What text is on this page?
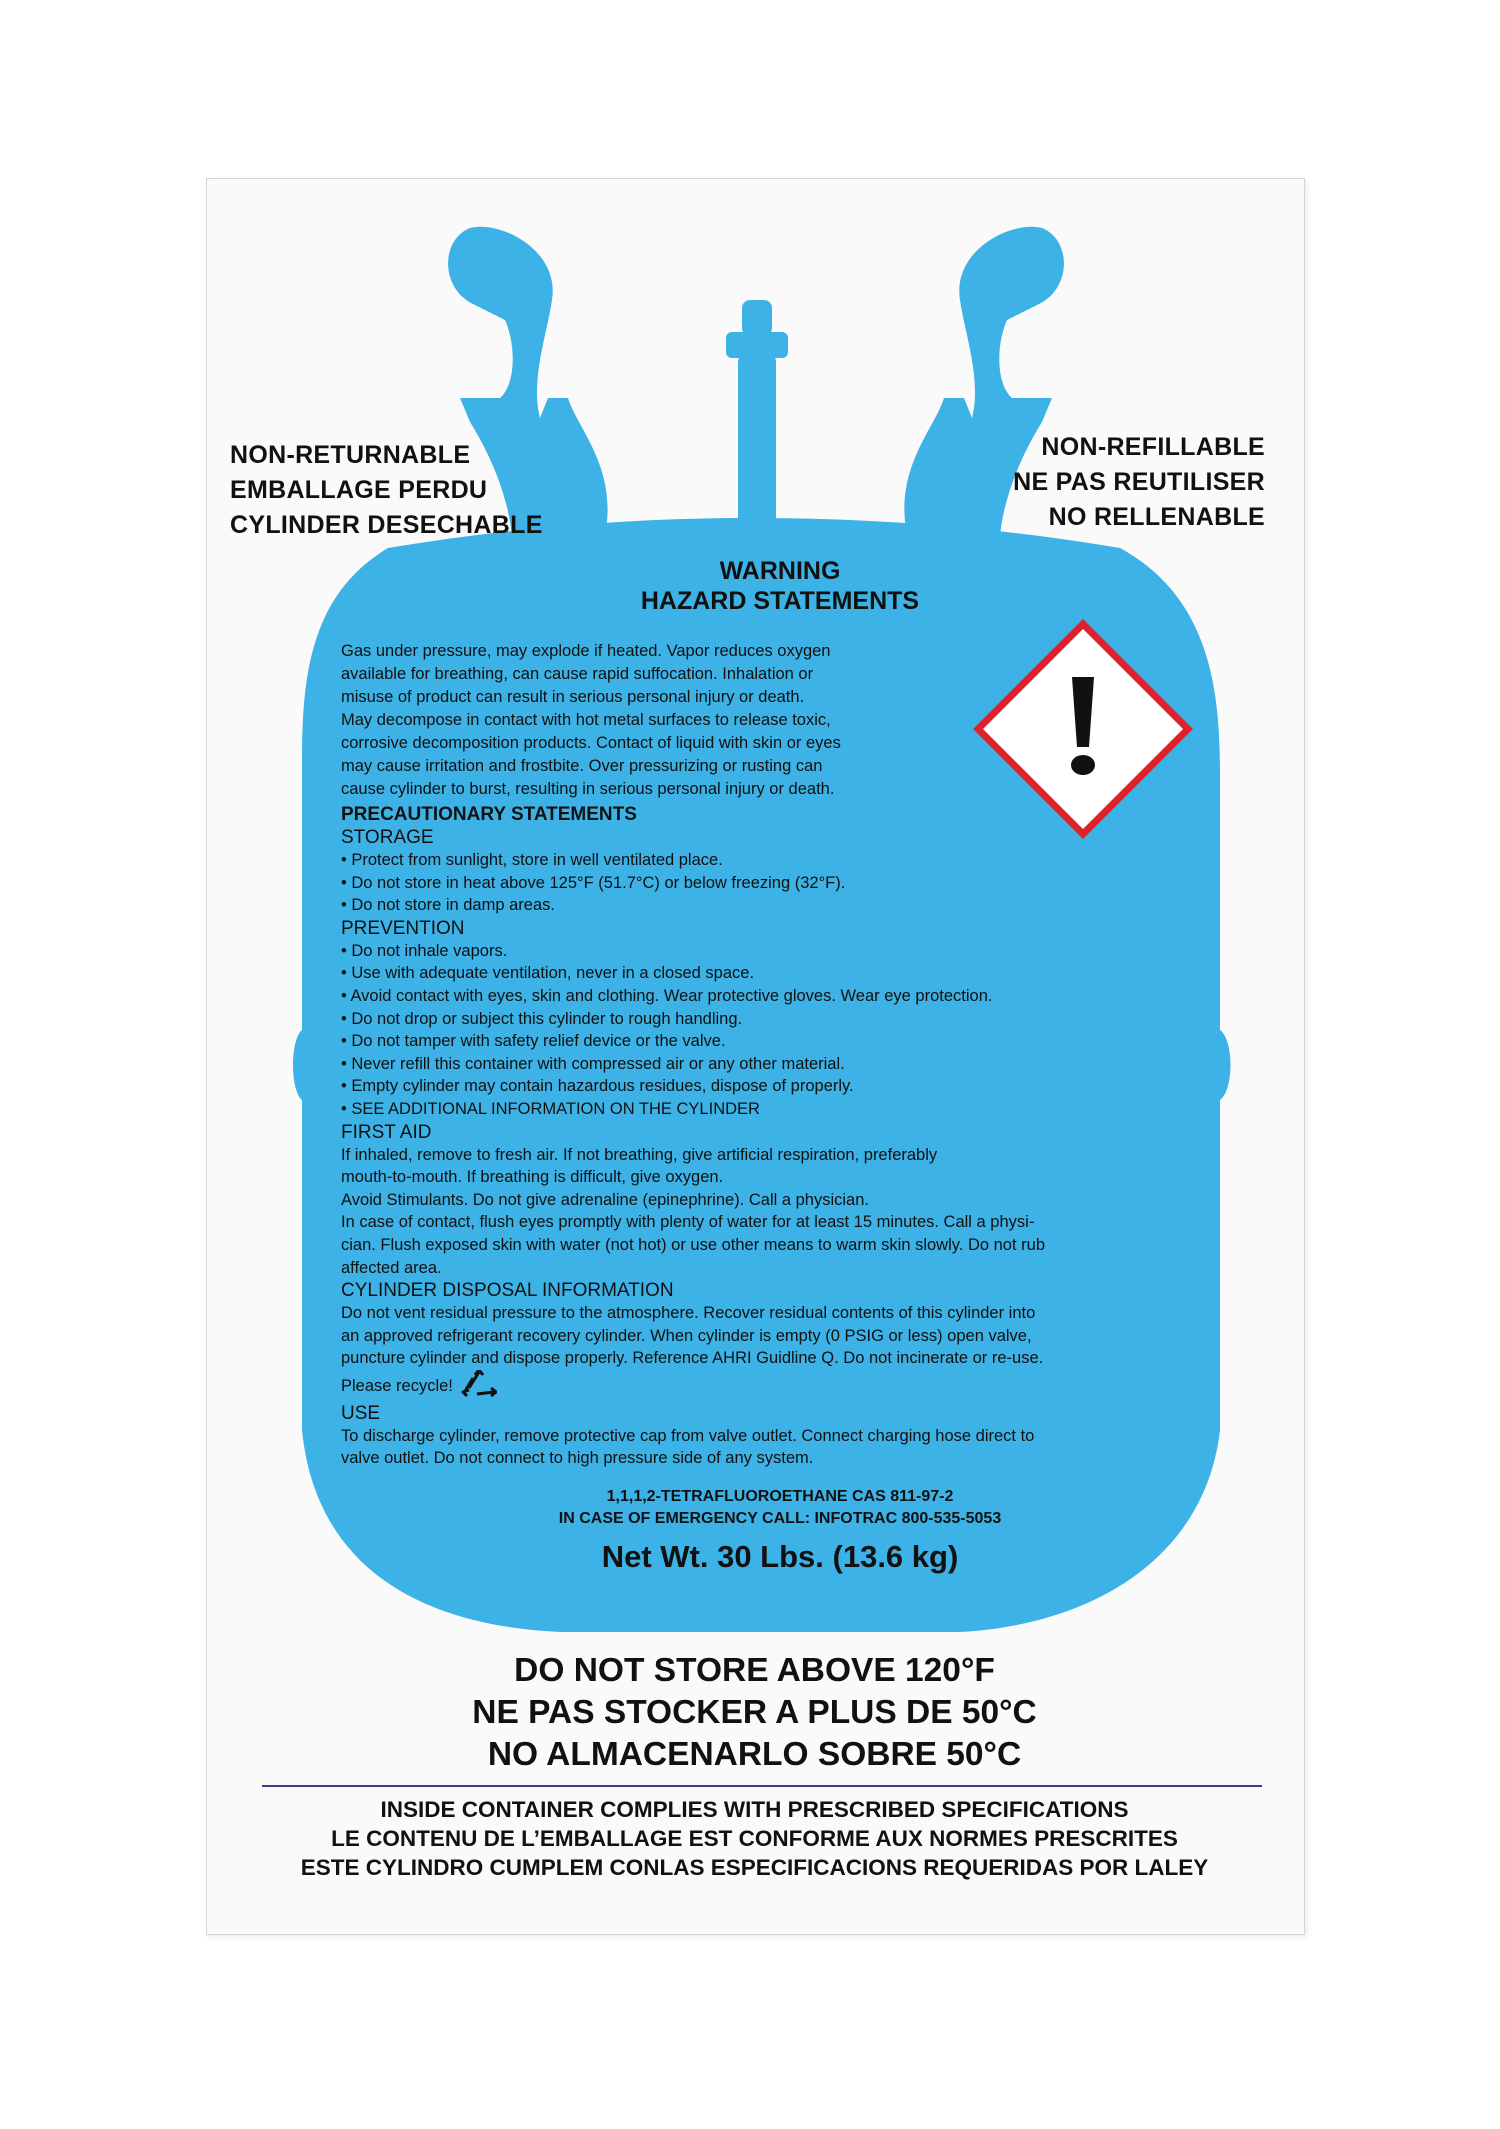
NON-RETURNABLE
EMBALLAGE PERDU
CYLINDER DESECHABLE
NON-REFILLABLE
NE PAS REUTILISER
NO RELLENABLE
WARNING
HAZARD STATEMENTS
Gas under pressure, may explode if heated. Vapor reduces oxygen
available for breathing, can cause rapid suffocation. Inhalation or
misuse of product can result in serious personal injury or death.
May decompose in contact with hot metal surfaces to release toxic,
corrosive decomposition products. Contact of liquid with skin or eyes
may cause irritation and frostbite. Over pressurizing or rusting can
cause cylinder to burst, resulting in serious personal injury or death.
PRECAUTIONARY STATEMENTS
STORAGE
• Protect from sunlight, store in well ventilated place.
• Do not store in heat above 125°F (51.7°C) or below freezing (32°F).
• Do not store in damp areas.
PREVENTION
• Do not inhale vapors.
• Use with adequate ventilation, never in a closed space.
• Avoid contact with eyes, skin and clothing. Wear protective gloves. Wear eye protection.
• Do not drop or subject this cylinder to rough handling.
• Do not tamper with safety relief device or the valve.
• Never refill this container with compressed air or any other material.
• Empty cylinder may contain hazardous residues, dispose of properly.
• SEE ADDITIONAL INFORMATION ON THE CYLINDER
FIRST AID
If inhaled, remove to fresh air. If not breathing, give artificial respiration, preferably
mouth-to-mouth. If breathing is difficult, give oxygen.
Avoid Stimulants. Do not give adrenaline (epinephrine). Call a physician.
In case of contact, flush eyes promptly with plenty of water for at least 15 minutes. Call a physi-
cian. Flush exposed skin with water (not hot) or use other means to warm skin slowly. Do not rub
affected area.
CYLINDER DISPOSAL INFORMATION
Do not vent residual pressure to the atmosphere. Recover residual contents of this cylinder into
an approved refrigerant recovery cylinder. When cylinder is empty (0 PSIG or less) open valve,
puncture cylinder and dispose properly. Reference AHRI Guidline Q. Do not incinerate or re-use.
Please recycle!
USE
To discharge cylinder, remove protective cap from valve outlet. Connect charging hose direct to
valve outlet. Do not connect to high pressure side of any system.
1,1,1,2-TETRAFLUOROETHANE CAS 811-97-2
IN CASE OF EMERGENCY CALL: INFOTRAC 800-535-5053
Net Wt. 30 Lbs. (13.6 kg)
DO NOT STORE ABOVE 120°F
NE PAS STOCKER A PLUS DE 50°C
NO ALMACENARLO SOBRE 50°C
INSIDE CONTAINER COMPLIES WITH PRESCRIBED SPECIFICATIONS
LE CONTENU DE L’EMBALLAGE EST CONFORME AUX NORMES PRESCRITES
ESTE CYLINDRO CUMPLEM CONLAS ESPECIFICACIONS REQUERIDAS POR LALEY
